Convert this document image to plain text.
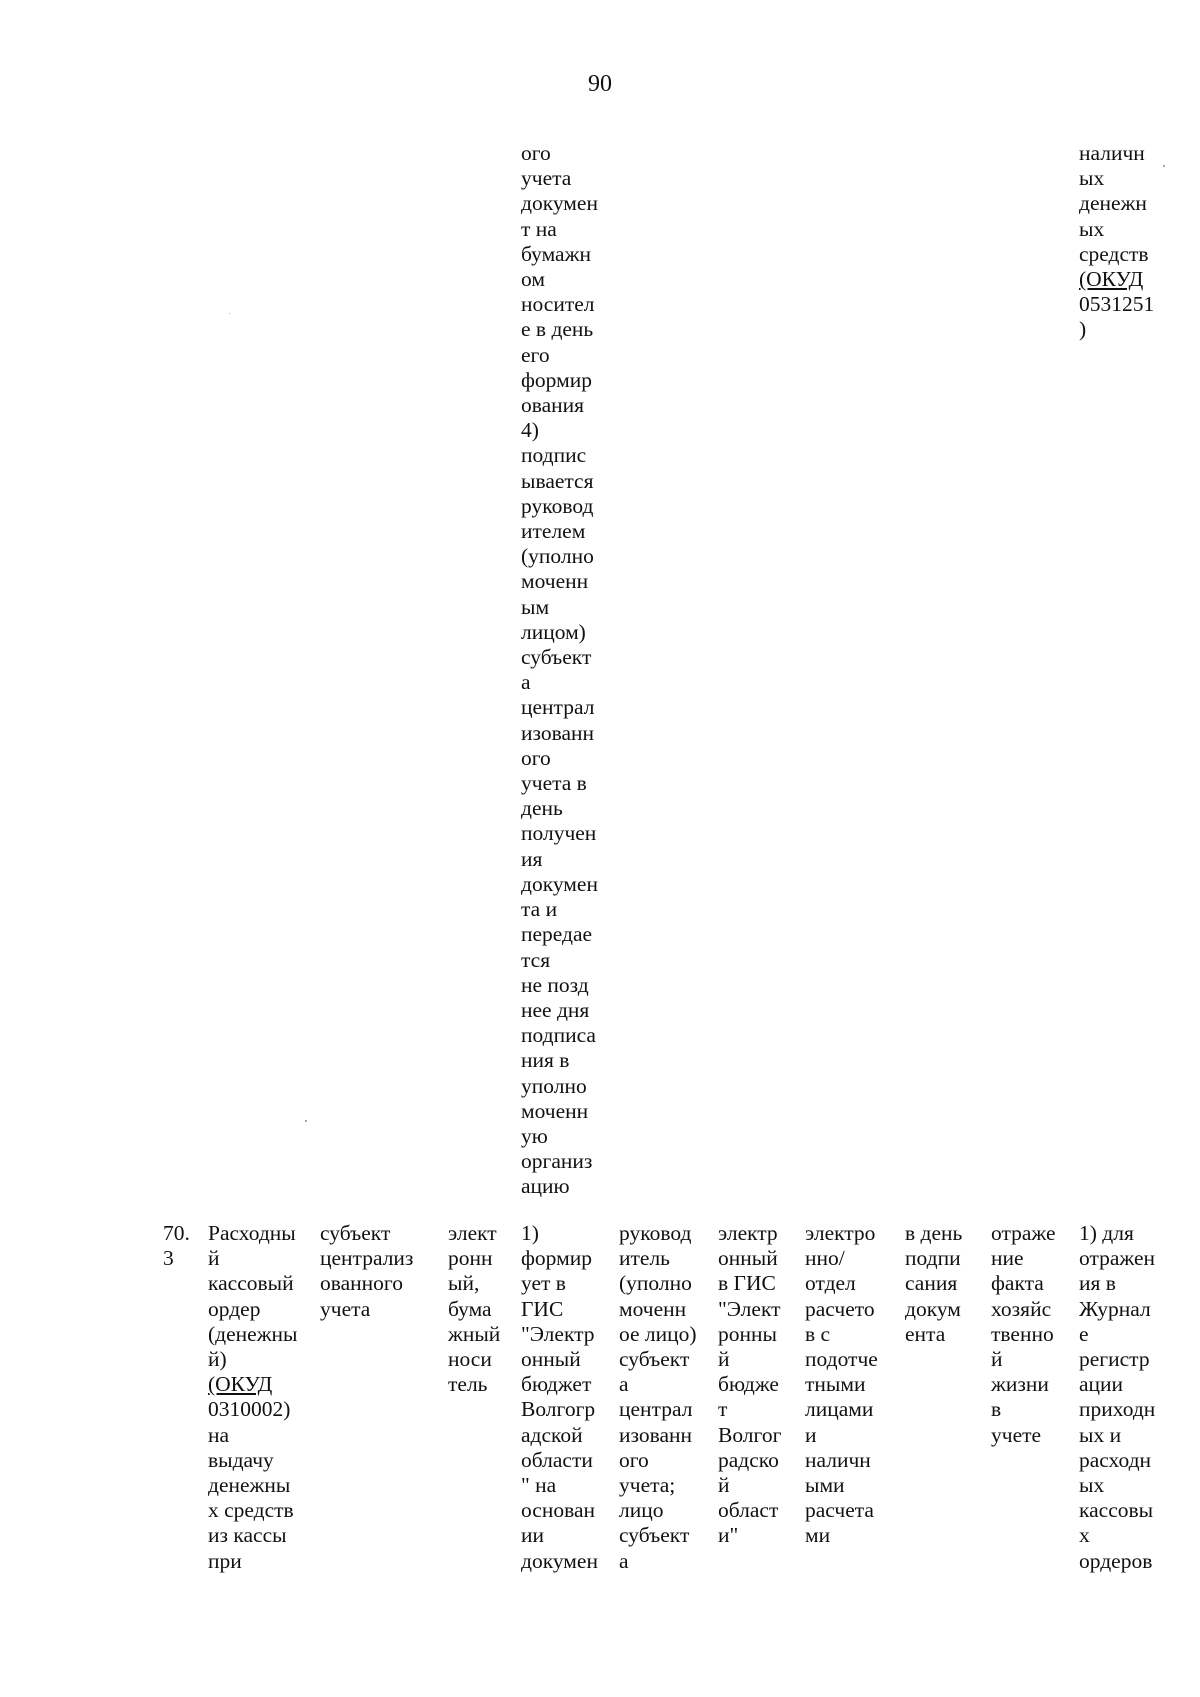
90
ого
учета
докумен
т на
бумажн
ом
носител
е в день
его
формир
ования
4)
подпис
ывается
руковод
ителем
(уполно
моченн
ым
лицом)
субъект
а
централ
изованн
ого
учета в
день
получен
ия
докумен
та и
передае
тся
не позд
нее дня
подписа
ния в
уполно
моченн
ую
организ
ацию
наличн
ых
денежн
ых
средств
(ОКУД
0531251
)
70.
3
Расходны
й
кассовый
ордер
(денежны
й)
(ОКУД
0310002)
на
выдачу
денежны
х средств
из кассы
при
субъект
централиз
ованного
учета
элект
ронн
ый,
бума
жный
носи
тель
1)
формир
ует в
ГИС
"Электр
онный
бюджет
Волгогр
адской
области
" на
основан
ии
докумен
руковод
итель
(уполно
моченн
ое лицо)
субъект
а
централ
изованн
ого
учета;
лицо
субъект
а
электр
онный
в ГИС
"Элект
ронны
й
бюдже
т
Волгог
радско
й
област
и"
электро
нно/
отдел
расчето
в с
подотче
тными
лицами
и
наличн
ыми
расчета
ми
в день
подпи
сания
докум
ента
отраже
ние
факта
хозяйс
твенно
й
жизни
в
учете
1) для
отражен
ия в
Журнал
е
регистр
ации
приходн
ых и
расходн
ых
кассовы
х
ордеров
